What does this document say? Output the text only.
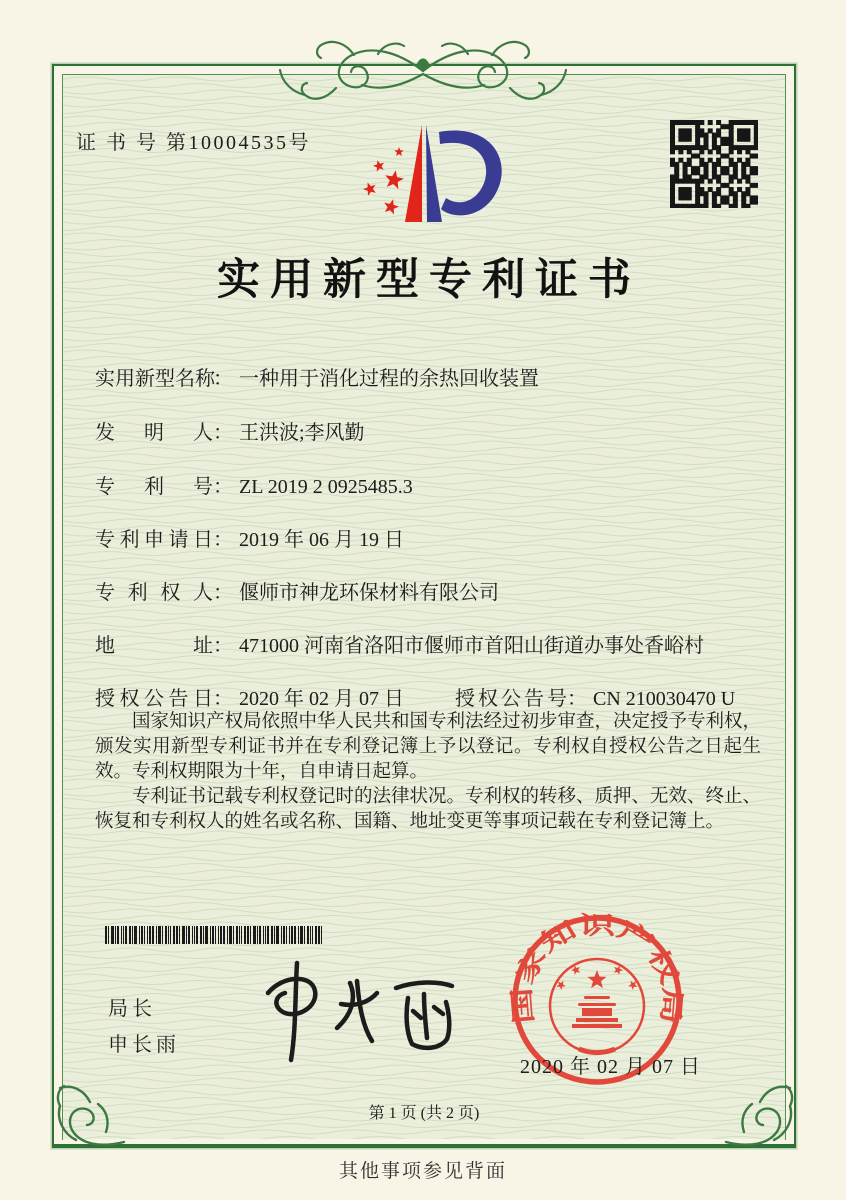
证 书 号 第10004535号
实用新型专利证书
实用新型名称： 一种用于消化过程的余热回收装置
发明人： 王洪波;李风勤
专利号： ZL 2019 2 0925485.3
专利申请日： 2019 年 06 月 19 日
专利权人： 偃师市神龙环保材料有限公司
地址： 471000 河南省洛阳市偃师市首阳山街道办事处香峪村
授权公告日： 2020 年 02 月 07 日	授权公告号： CN 210030470 U

国家知识产权局依照中华人民共和国专利法经过初步审查，决定授予专利权，颁发实用新型专利证书并在专利登记簿上予以登记。专利权自授权公告之日起生效。专利权期限为十年，自申请日起算。

专利证书记载专利权登记时的法律状况。专利权的转移、质押、无效、终止、恢复和专利权人的姓名或名称、国籍、地址变更等事项记载在专利登记簿上。

局长
申长雨
国家知识产权局
2020 年 02 月 07 日
第 1 页 (共 2 页)
其他事项参见背面
